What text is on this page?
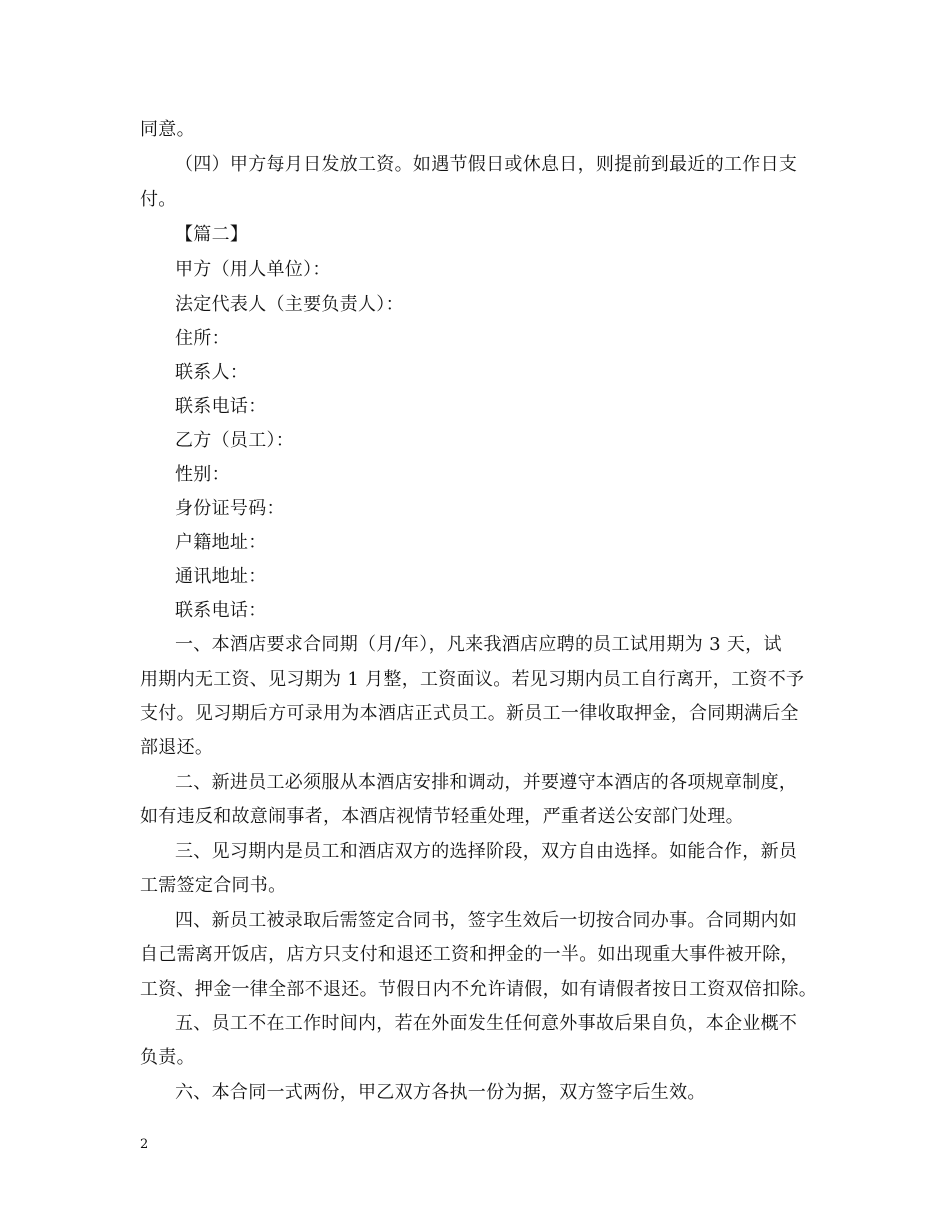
同意。
（四）甲方每月日发放工资。如遇节假日或休息日，则提前到最近的工作日支
付。
【篇二】
甲方（用人单位）：
法定代表人（主要负责人）：
住所：
联系人：
联系电话：
乙方（员工）：
性别：
身份证号码：
户籍地址：
通讯地址：
联系电话：
一、本酒店要求合同期（月/年），凡来我酒店应聘的员工试用期为 3 天，试
用期内无工资、见习期为 1 月整，工资面议。若见习期内员工自行离开，工资不予
支付。见习期后方可录用为本酒店正式员工。新员工一律收取押金，合同期满后全
部退还。
二、新进员工必须服从本酒店安排和调动，并要遵守本酒店的各项规章制度，
如有违反和故意闹事者，本酒店视情节轻重处理，严重者送公安部门处理。
三、见习期内是员工和酒店双方的选择阶段，双方自由选择。如能合作，新员
工需签定合同书。
四、新员工被录取后需签定合同书，签字生效后一切按合同办事。合同期内如
自己需离开饭店，店方只支付和退还工资和押金的一半。如出现重大事件被开除，
工资、押金一律全部不退还。节假日内不允许请假，如有请假者按日工资双倍扣除。
五、员工不在工作时间内，若在外面发生任何意外事故后果自负，本企业概不
负责。
六、本合同一式两份，甲乙双方各执一份为据，双方签字后生效。
2
